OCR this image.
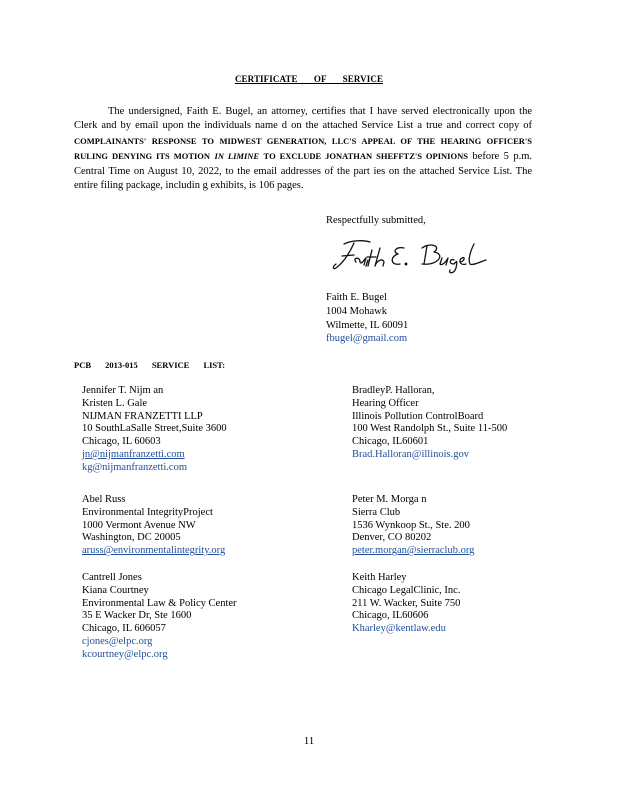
CERTIFICATE OF SERVICE
The undersigned, Faith E. Bugel, an attorney, certifies that I have served electronically upon the Clerk and by email upon the individuals name d on the attached Service List a true and correct copy of COMPLAINANTS' RESPONSE TO MIDWEST GENERATION, LLC'S APPEAL OF THE HEARING OFFICER'S RULING DENYING ITS MOTION IN LIMINE TO EXCLUDE JONATHAN SHEFFTZ'S OPINIONS before 5 p.m. Central Time on August 10, 2022, to the email addresses of the part ies on the attached Service List. The entire filing package, includin g exhibits, is 106 pages.
Respectfully submitted,
Faith E. Bugel
1004 Mohawk
Wilmette, IL 60091
fbugel@gmail.com
PCB 2013-015 SERVICE LIST:
Jennifer T. Nijm an
Kristen L. Gale
NIJMAN FRANZETTI LLP
10 SouthLaSalle Street,Suite 3600
Chicago, IL 60603
jn@nijmanfranzetti.com
kg@nijmanfranzetti.com
Abel Russ
Environmental IntegrityProject
1000 Vermont Avenue NW
Washington, DC 20005
aruss@environmentalintegrity.org
Cantrell Jones
Kiana Courtney
Environmental Law & Policy Center
35 E Wacker Dr, Ste 1600
Chicago, IL 606057
cjones@elpc.org
kcourtney@elpc.org
BradleyP. Halloran,
Hearing Officer
Illinois Pollution ControlBoard
100 West Randolph St., Suite 11-500
Chicago, IL60601
Brad.Halloran@illinois.gov
Peter M. Morga n
Sierra Club
1536 Wynkoop St., Ste. 200
Denver, CO 80202
peter.morgan@sierraclub.org
Keith Harley
Chicago LegalClinic, Inc.
211 W. Wacker, Suite 750
Chicago, IL60606
Kharley@kentlaw.edu
11
